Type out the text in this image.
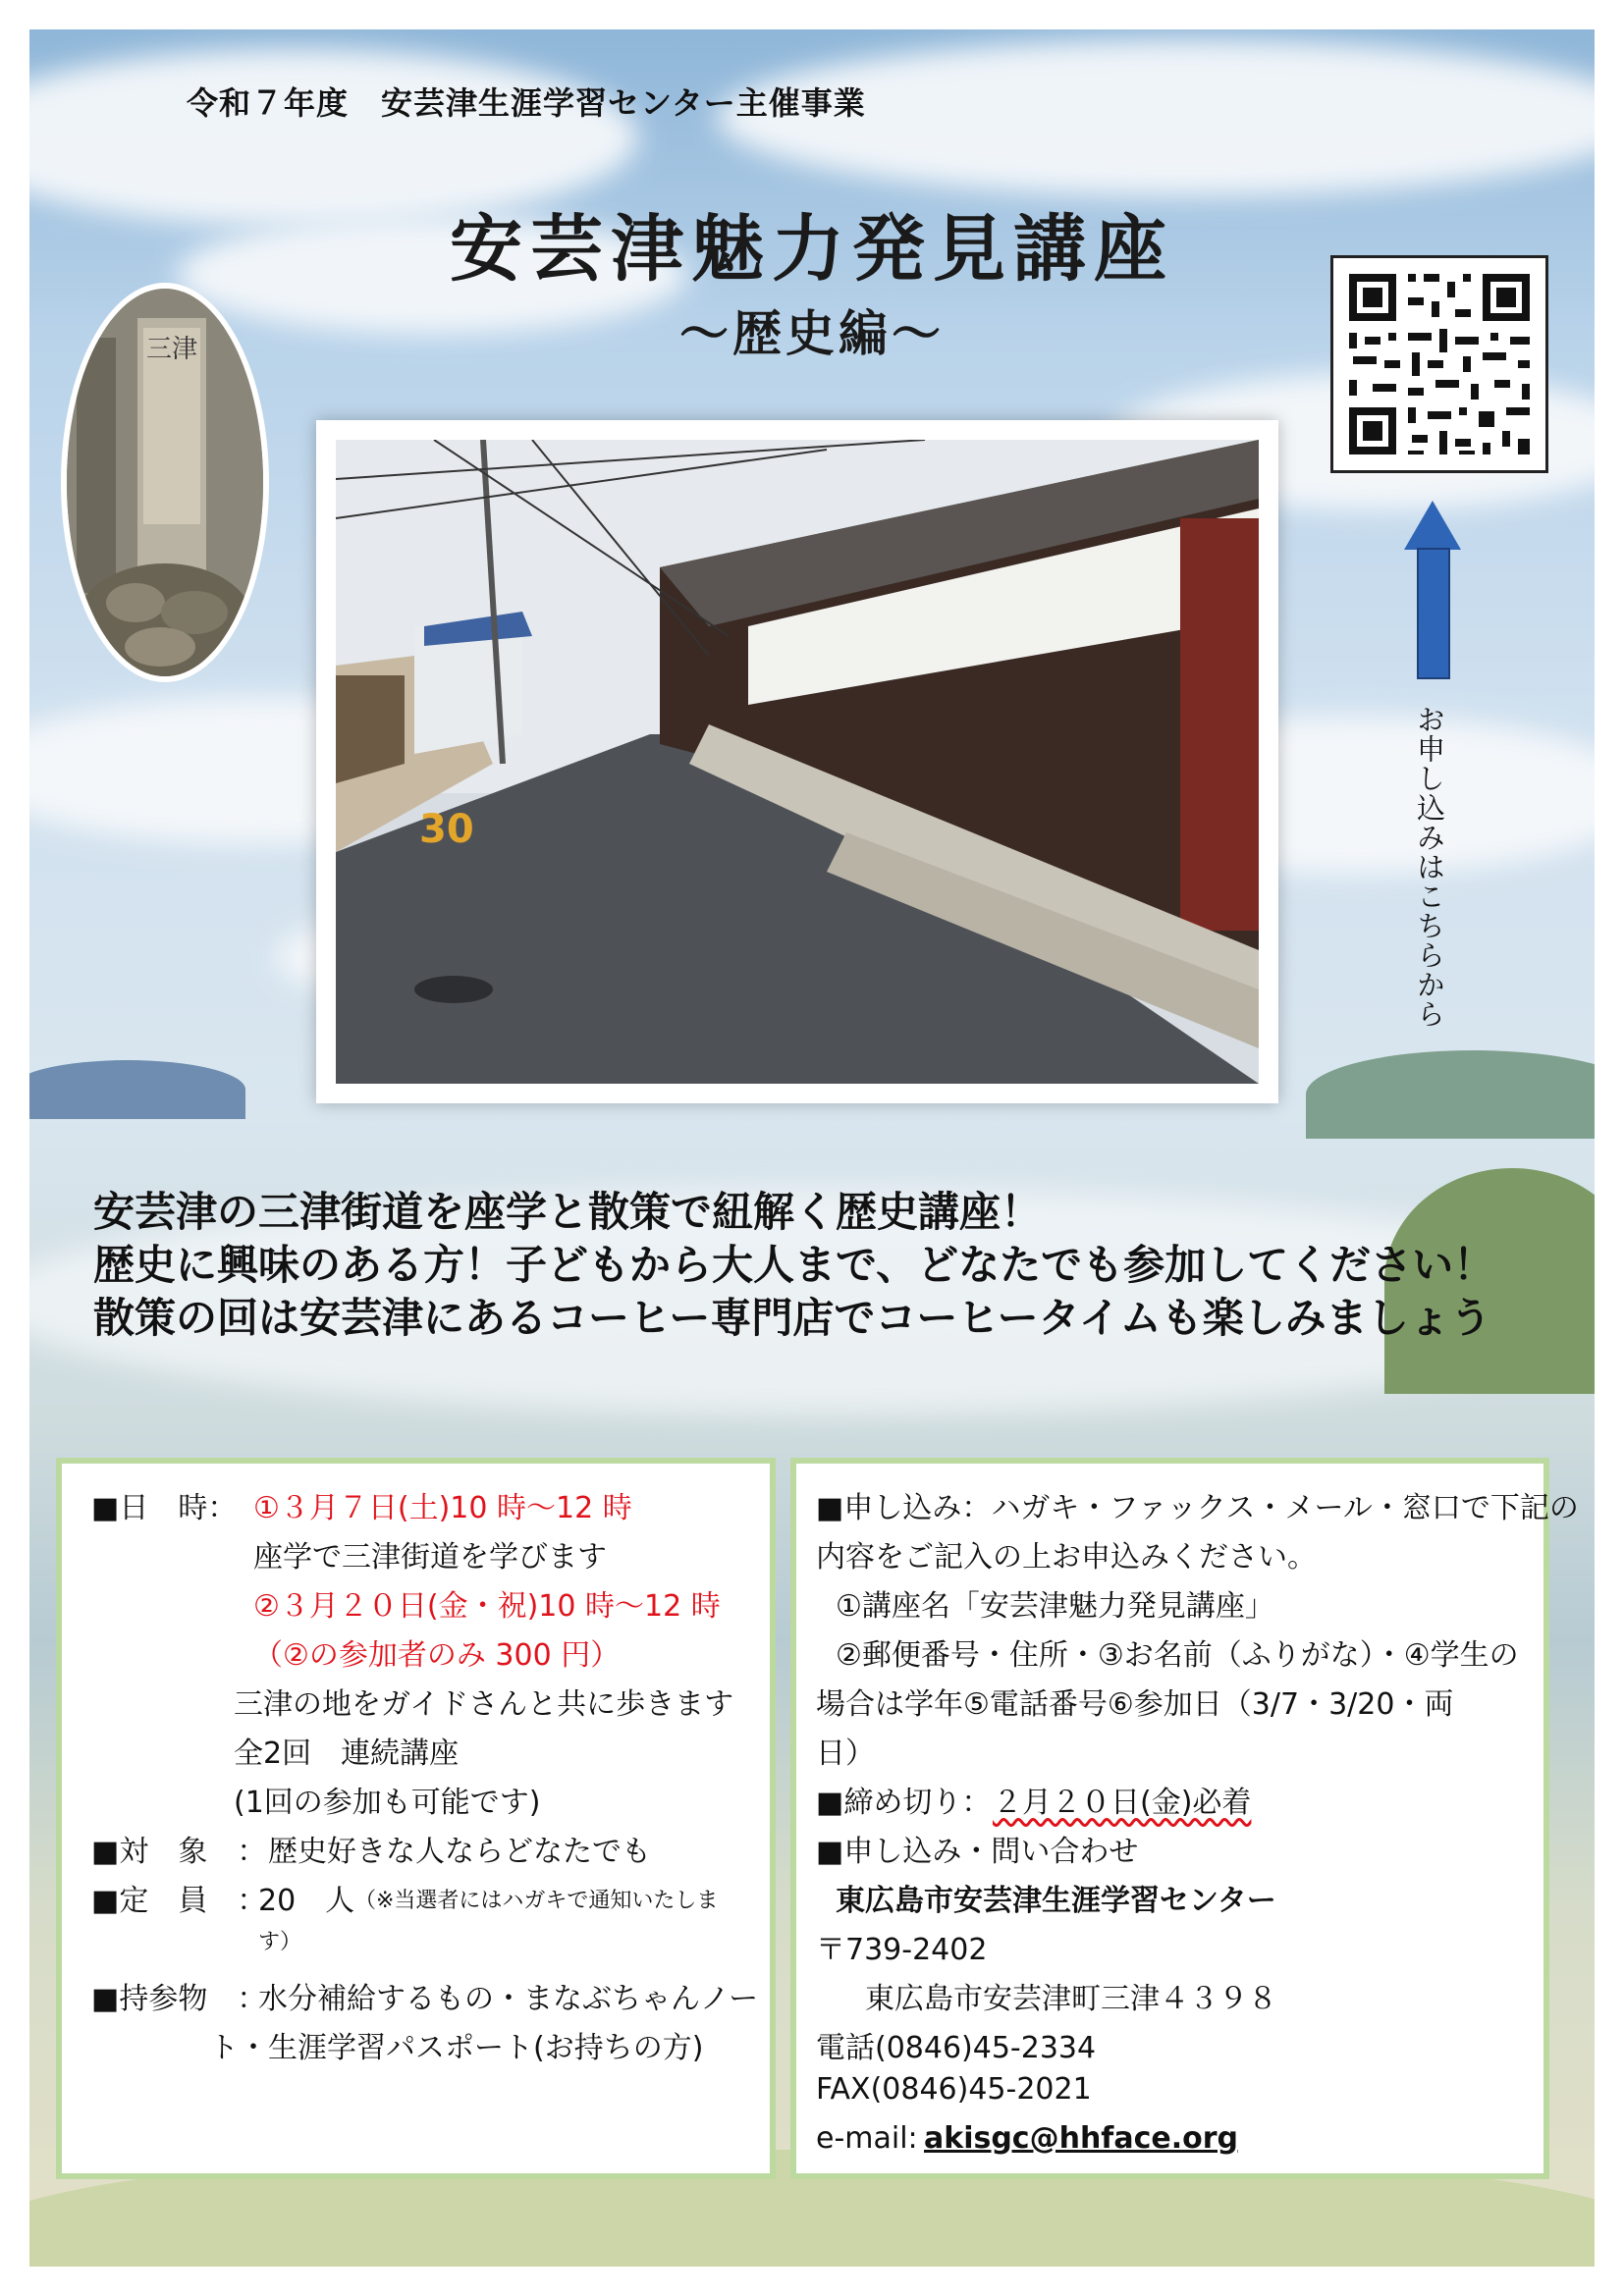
令和７年度　安芸津生涯学習センター主催事業
安芸津魅力発見講座
～歴史編～
三津
30	お申し込みはこちらから
安芸津の三津街道を座学と散策で紐解く歴史講座！
歴史に興味のある方！子どもから大人まで、どなたでも参加してください！
散策の回は安芸津にあるコーヒー専門店でコーヒータイムも楽しみましょう
■日　時： ①３月７日(土)10 時～12 時
座学で三津街道を学びます
②３月２０日(金・祝)10 時～12 時
（②の参加者のみ 300 円）
三津の地をガイドさんと共に歩きます
全2回　連続講座
(1回の参加も可能です)
■対　象　： 歴史好きな人ならどなたでも
■定　員　：
20　人 （※当選者にはハガキで通知いたしま
す）
■持参物　：
水分補給するもの・まなぶちゃんノー
ト・生涯学習パスポート(お持ちの方)
■申し込み：ハガキ・ファックス・メール・窓口で下記の
内容をご記入の上お申込みください。
①講座名「安芸津魅力発見講座」
②郵便番号・住所・③お名前（ふりがな）・④学生の
場合は学年⑤電話番号⑥参加日（3/7・3/20・両
日）
■締め切り： ２月２０日(金)必着
■申し込み・問い合わせ
東広島市安芸津生涯学習センター
〒739-2402
東広島市安芸津町三津４３９８
電話(0846)45-2334
FAX(0846)45-2021
e-mail: akisgc@hhface.org
